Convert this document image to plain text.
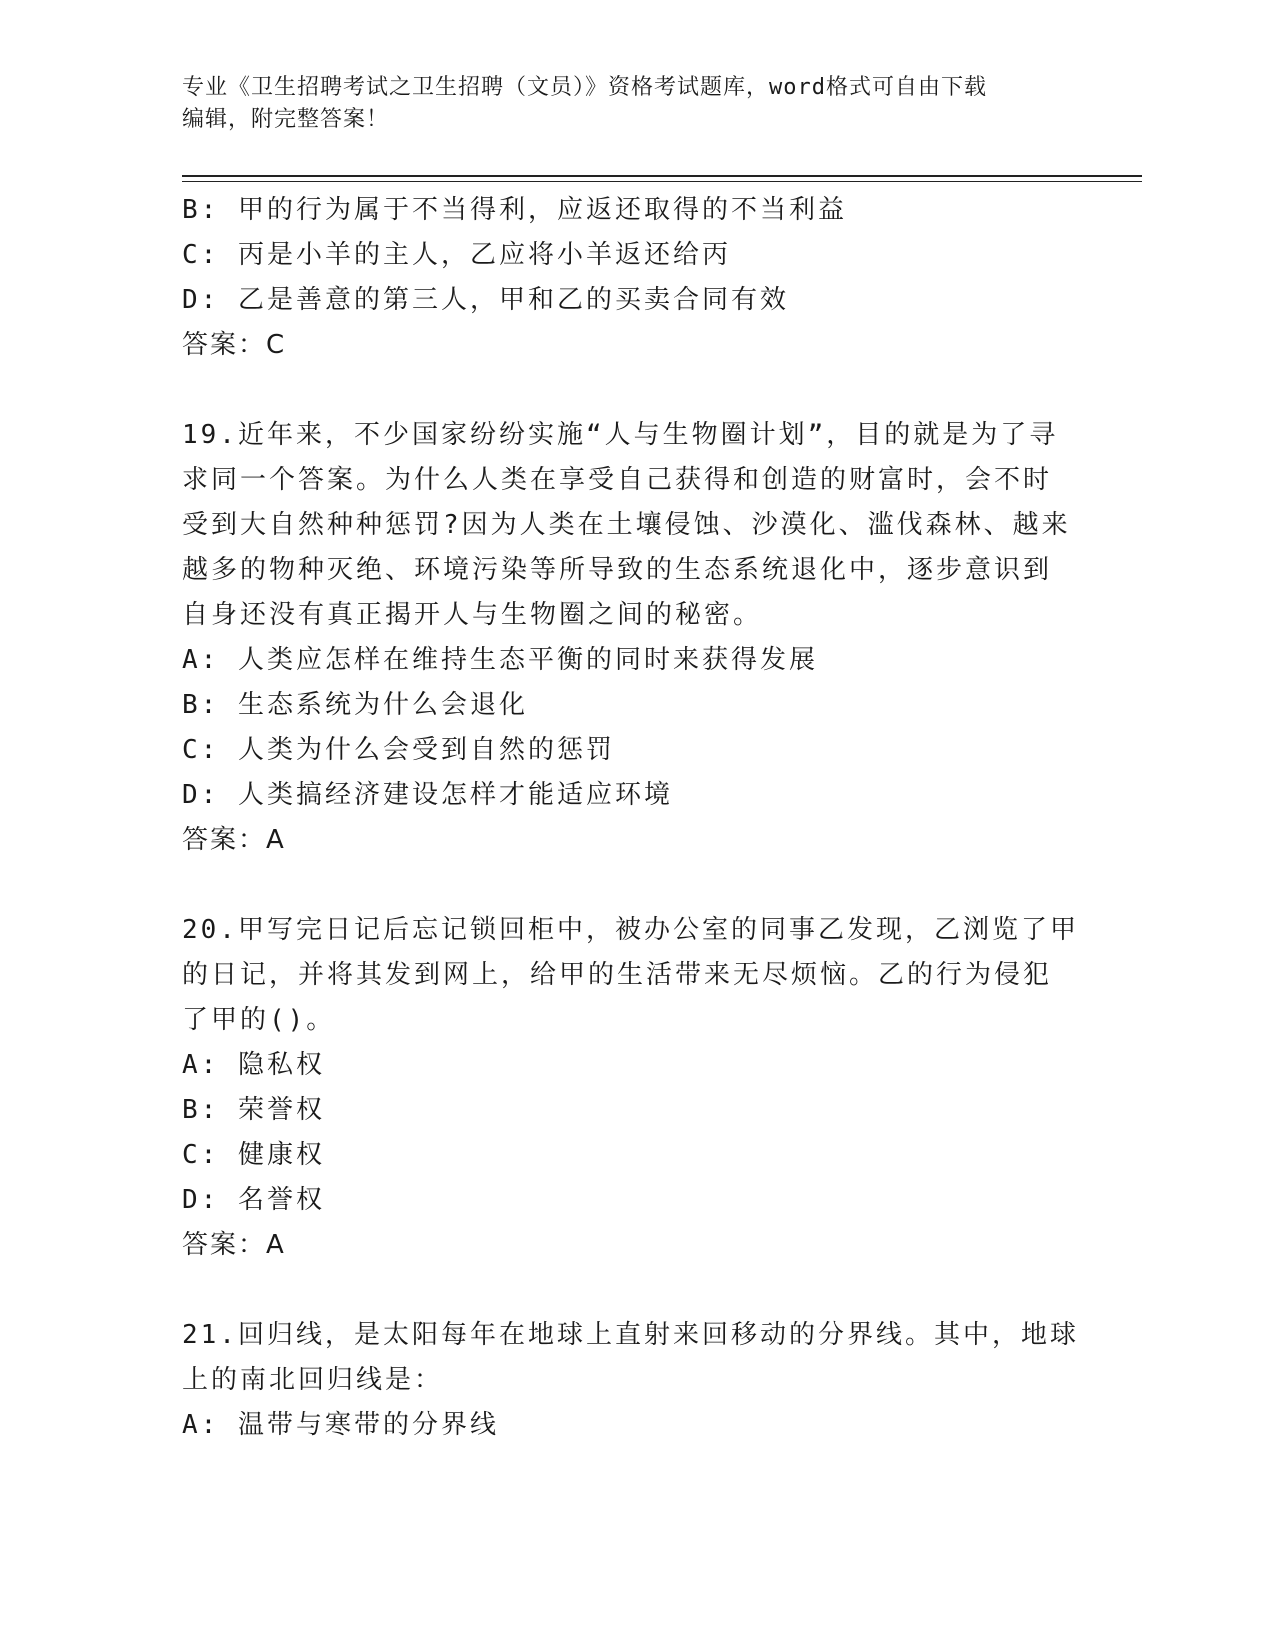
专业《卫生招聘考试之卫生招聘（文员）》资格考试题库，word格式可自由下载
编辑，附完整答案！
B: 甲的行为属于不当得利，应返还取得的不当利益
C: 丙是小羊的主人，乙应将小羊返还给丙
D: 乙是善意的第三人，甲和乙的买卖合同有效
答案：C
19.近年来，不少国家纷纷实施“人与生物圈计划”，目的就是为了寻
求同一个答案。为什么人类在享受自己获得和创造的财富时，会不时
受到大自然种种惩罚?因为人类在土壤侵蚀、沙漠化、滥伐森林、越来
越多的物种灭绝、环境污染等所导致的生态系统退化中，逐步意识到
自身还没有真正揭开人与生物圈之间的秘密。
A: 人类应怎样在维持生态平衡的同时来获得发展
B: 生态系统为什么会退化
C: 人类为什么会受到自然的惩罚
D: 人类搞经济建设怎样才能适应环境
答案：A
20.甲写完日记后忘记锁回柜中，被办公室的同事乙发现，乙浏览了甲
的日记，并将其发到网上，给甲的生活带来无尽烦恼。乙的行为侵犯
了甲的()。
A: 隐私权
B: 荣誉权
C: 健康权
D: 名誉权
答案：A
21.回归线，是太阳每年在地球上直射来回移动的分界线。其中，地球
上的南北回归线是：
A: 温带与寒带的分界线
